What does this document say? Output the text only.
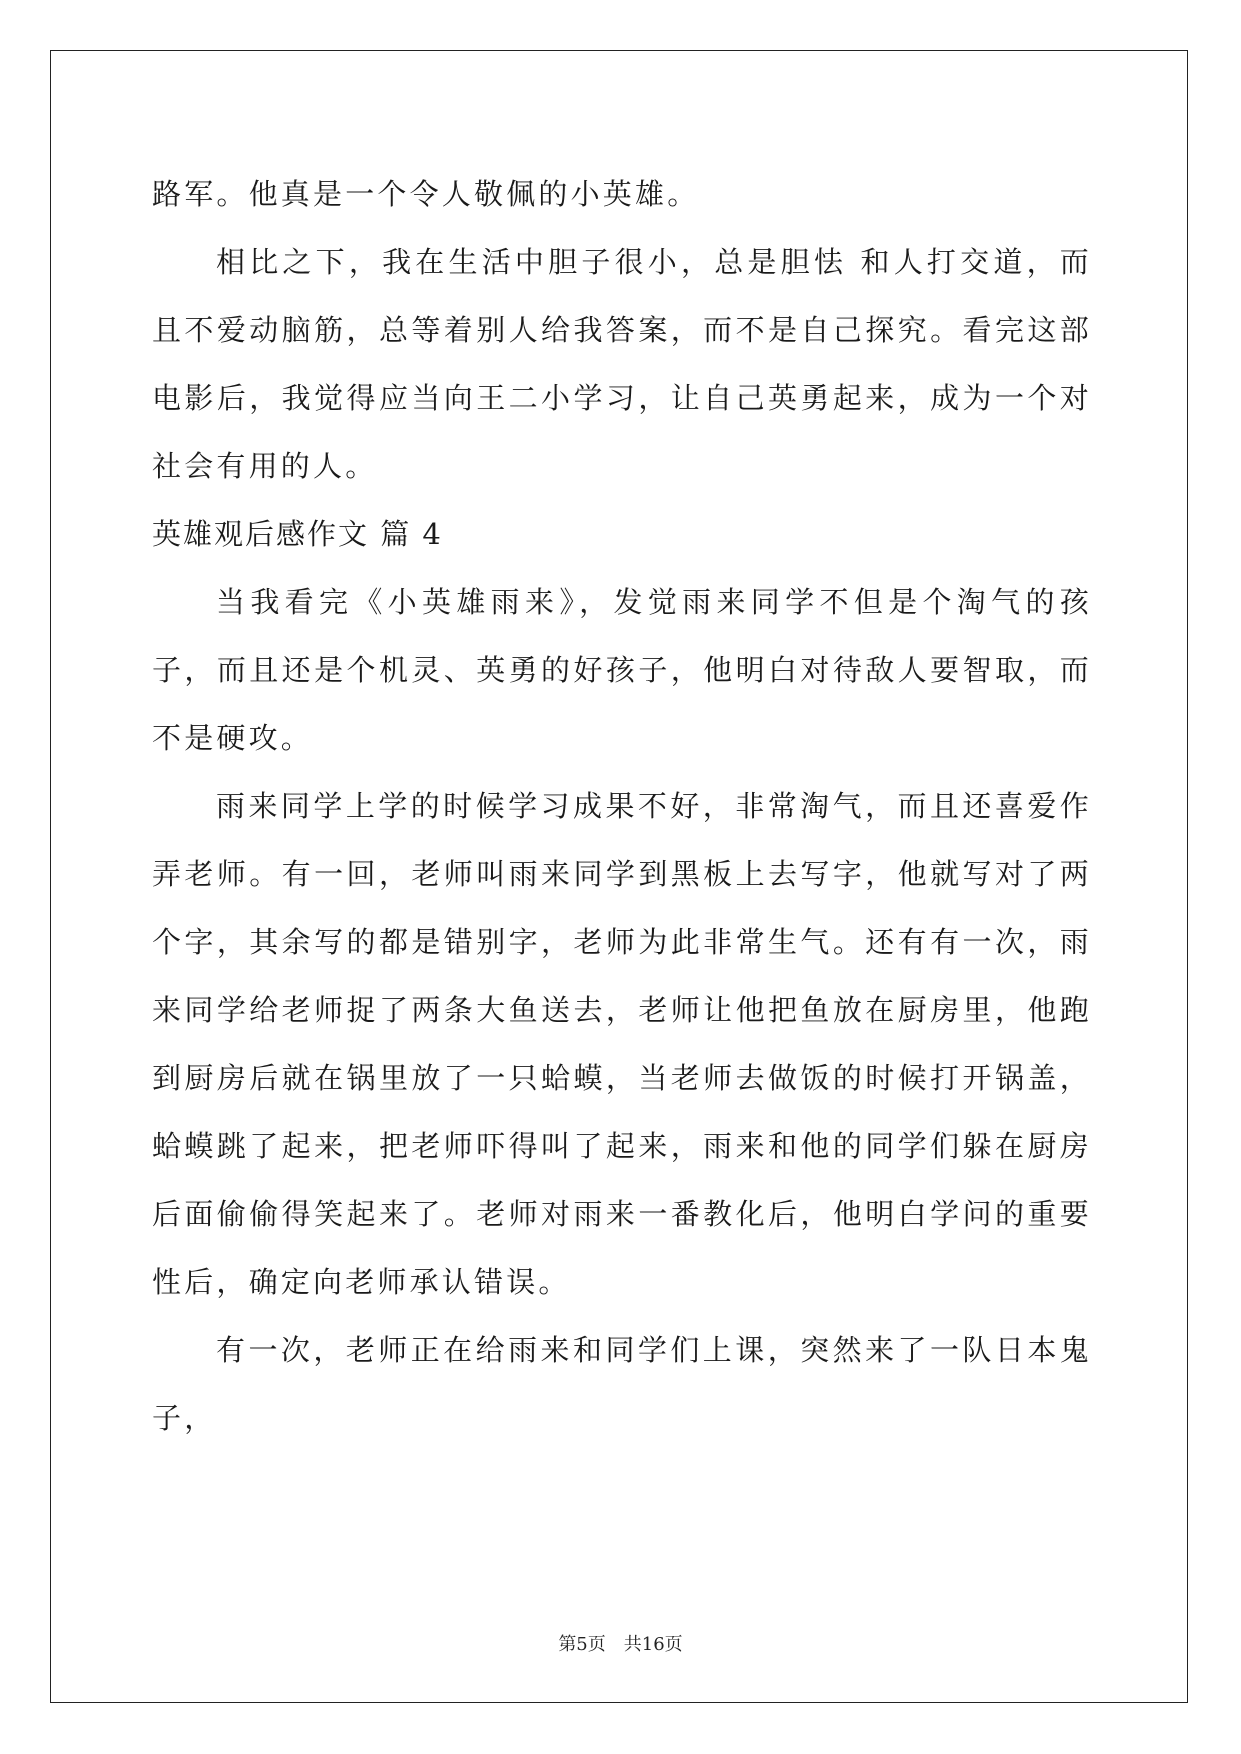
路军。他真是一个令人敬佩的小英雄。

相比之下，我在生活中胆子很小，总是胆怯 和人打交道，而且不爱动脑筋，总等着别人给我答案，而不是自己探究。看完这部电影后，我觉得应当向王二小学习，让自己英勇起来，成为一个对社会有用的人。

英雄观后感作文 篇 4

当我看完《小英雄雨来》，发觉雨来同学不但是个淘气的孩子，而且还是个机灵、英勇的好孩子，他明白对待敌人要智取，而不是硬攻。

雨来同学上学的时候学习成果不好，非常淘气，而且还喜爱作弄老师。有一回，老师叫雨来同学到黑板上去写字，他就写对了两个字，其余写的都是错别字，老师为此非常生气。还有有一次，雨来同学给老师捉了两条大鱼送去，老师让他把鱼放在厨房里，他跑到厨房后就在锅里放了一只蛤蟆，当老师去做饭的时候打开锅盖，蛤蟆跳了起来，把老师吓得叫了起来，雨来和他的同学们躲在厨房后面偷偷得笑起来了。老师对雨来一番教化后，他明白学问的重要性后，确定向老师承认错误。

有一次，老师正在给雨来和同学们上课，突然来了一队日本鬼子，

第5页 共16页
